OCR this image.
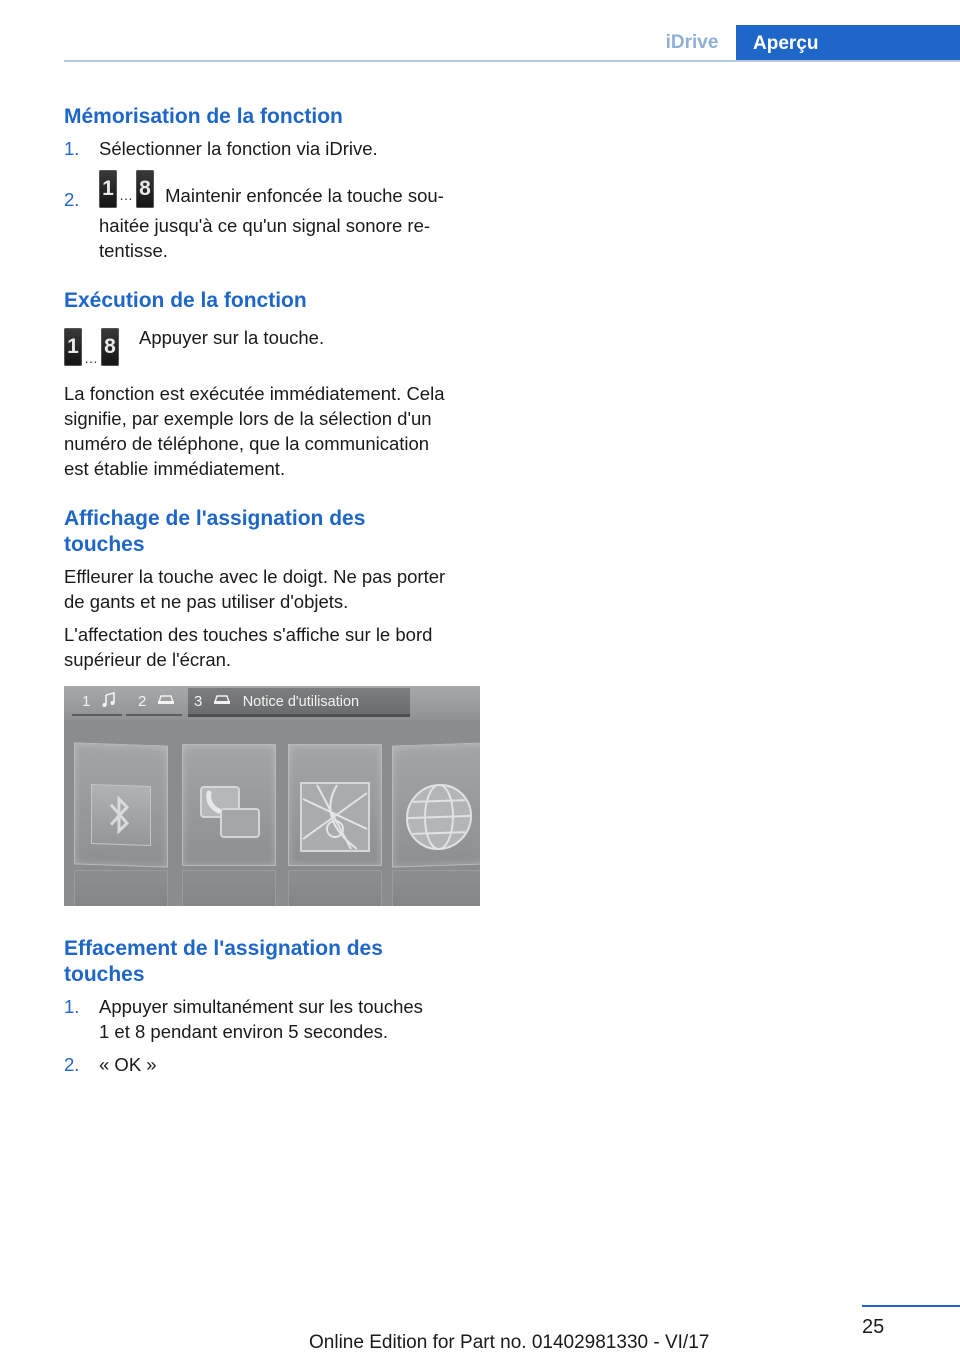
iDrive	Aperçu
Mémorisation de la fonction
1. Sélectionner la fonction via iDrive.
2. 1 … 8 Maintenir enfoncée la touche sou-
haitée jusqu'à ce qu'un signal sonore re-
tentisse.
Exécution de la fonction
1 … 8 Appuyer sur la touche.
La fonction est exécutée immédiatement. Cela
signifie, par exemple lors de la sélection d'un
numéro de téléphone, que la communication
est établie immédiatement.
Affichage de l'assignation des
touches
Effleurer la touche avec le doigt. Ne pas porter
de gants et ne pas utiliser d'objets.
L'affectation des touches s'affiche sur le bord
supérieur de l'écran.
1	2	3	Notice d'utilisation
Effacement de l'assignation des
touches
1. Appuyer simultanément sur les touches
1 et 8 pendant environ 5 secondes.
2. « OK »
25
Online Edition for Part no. 01402981330 - VI/17
